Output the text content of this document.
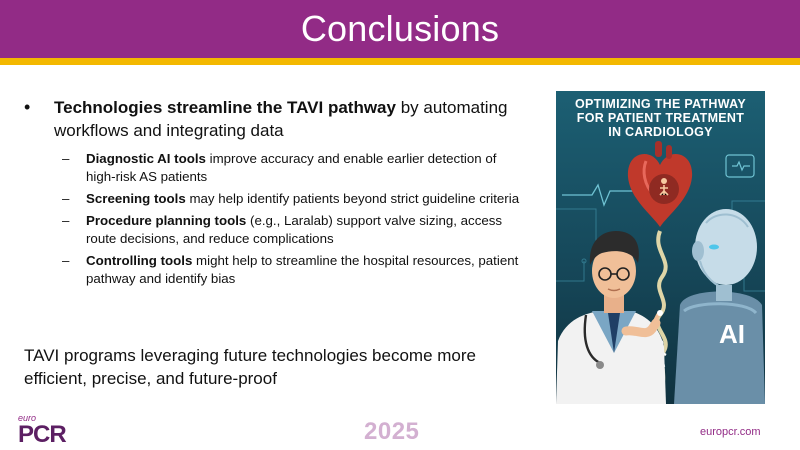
Conclusions
•	Technologies streamline the TAVI pathway by automating workflows and integrating data
–	Diagnostic AI tools improve accuracy and enable earlier detection of high-risk AS patients
–	Screening tools may help identify patients beyond strict guideline criteria
–	Procedure planning tools (e.g., Laralab) support valve sizing, access route decisions, and reduce complications
–	Controlling tools might help to streamline the hospital resources, patient pathway and identify bias
TAVI programs leveraging future technologies become more efficient, precise, and future-proof
AI
OPTIMIZING THE PATHWAY
FOR PATIENT TREATMENT
IN CARDIOLOGY
euro
PCR	2025	europcr.com
